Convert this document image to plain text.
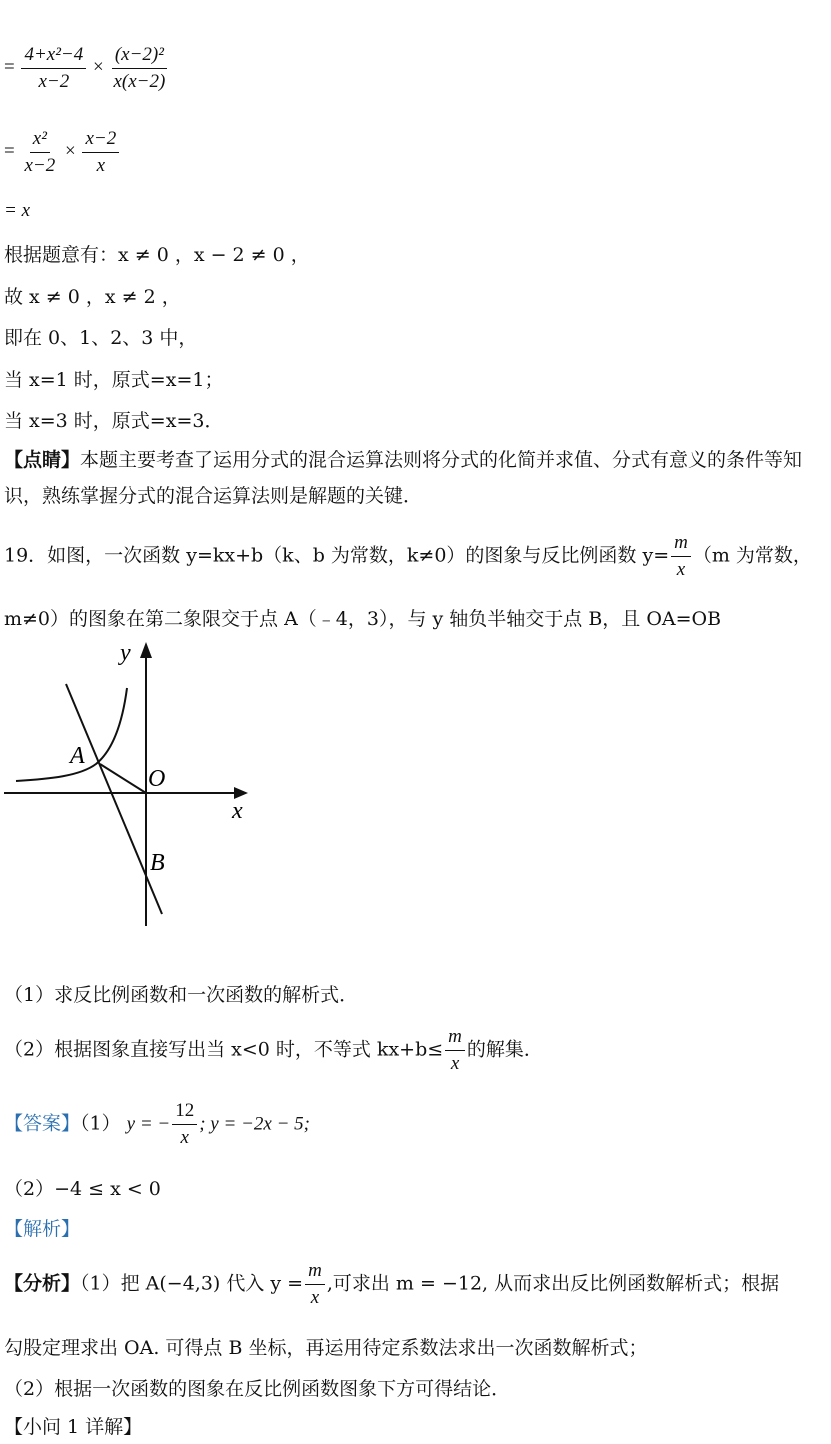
= $\frac{\text{4+x²−4}}{x-2} \times \frac{\text{(x−2)²}}{x(x-2)}$
= $\frac{\text{x²}}{x-2} \times \frac{x-2}{x}$
= x
根据题意有：x ≠ 0 ，x − 2 ≠ 0 ，
故 x ≠ 0 ，x ≠ 2 ，
即在 0、1、2、3 中，
当 x=1 时，原式=x=1；
当 x=3 时，原式=x=3．
【点睛】本题主要考查了运用分式的混合运算法则将分式的化简并求值、分式有意义的条件等知识，熟练掌握分式的混合运算法则是解题的关键．
19．如图，一次函数 y=kx+b（k、b 为常数，k≠0）的图象与反比例函数 $y= \frac{m}{x} (m$ 为常数，
m≠0）的图象在第二象限交于点 A（﹣4，3），与 y 轴负半轴交于点 B，且 OA=OB
y
x
A
O
B
（1）求反比例函数和一次函数的解析式．
（2）根据图象直接写出当 x<0 时，不等式 $kx+b\le \frac{m}{x}$ 的解集．
【答案】（1） y = − $\frac{12}{x}$ ; y = −2x − 5;
（2）−4 ≤ x < 0
【解析】
【分析】（1）把 A(−4,3) 代入 $y = \frac{m}{x}$ ,可求出 m = −12, 从而求出反比例函数解析式；根据
勾股定理求出 OA. 可得点 B 坐标，再运用待定系数法求出一次函数解析式；
（2）根据一次函数的图象在反比例函数图象下方可得结论．
【小问 1 详解】
